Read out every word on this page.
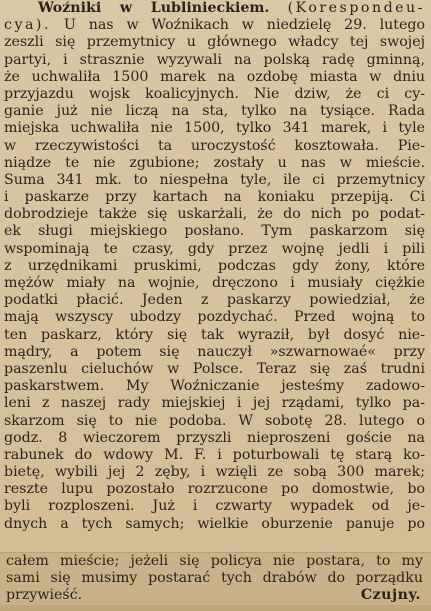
Woźniki w Lublinieckiem. (Korespondeu-
cya). U nas w Woźnikach w niedzielę 29. lutego
zeszli się przemytnicy u głównego władcy tej swojej
partyi, i strasznie wyzywali na polską radę gminną,
że uchwaliła 1500 marek na ozdobę miasta w dniu
przyjazdu wojsk koalicyjnych. Nie dziw, że ci cy-
ganie już nie liczą na sta, tylko na tysiące. Rada
miejska uchwaliła nie 1500, tylko 341 marek, i tyle
w rzeczywistości ta uroczystość kosztowała. Pie-
niądze te nie zgubione; zostały u nas w mieście.
Suma 341 mk. to niespełna tyle, ile ci przemytnicy
i paskarze przy kartach na koniaku przepiją. Ci
dobrodzieje także się uskarżali, że do nich po podat-
ek sługi miejskiego posłano. Tym paskarzom się
wspominają te czasy, gdy przez wojnę jedli i pili
z urzędnikami pruskimi, podczas gdy żony, które
mężów miały na wojnie, dręczono i musiały ciężkie
podatki płacić. Jeden z paskarzy powiedział, że
mają wszyscy ubodzy pozdychać. Przed wojną to
ten paskarz, który się tak wyraził, był dosyć nie-
mądry, a potem się nauczył »szwarnowaé« przy
paszenlu cieluchów w Polsce. Teraz się zaś trudni
paskarstwem. My Woźniczanie jesteśmy zadowo-
leni z naszej rady miejskiej i jej rządami, tylko pa-
skarzom się to nie podoba. W sobotę 28. lutego o
godz. 8 wieczorem przyszli nieproszeni goście na
rabunek do wdowy M. F. i poturbowali tę starą ko-
bietę, wybili jej 2 zęby, i wzięli ze sobą 300 marek;
reszte lupu pozostało rozrzucone po domostwie, bo
byli rozploszeni. Już i czwarty wypadek od je-
dnych a tych samych; wielkie oburzenie panuje po
całem mieście; jeżeli się policya nie postara, to my
sami się musimy postarać tych drabów do porządku
przywieść.	Czujny.
